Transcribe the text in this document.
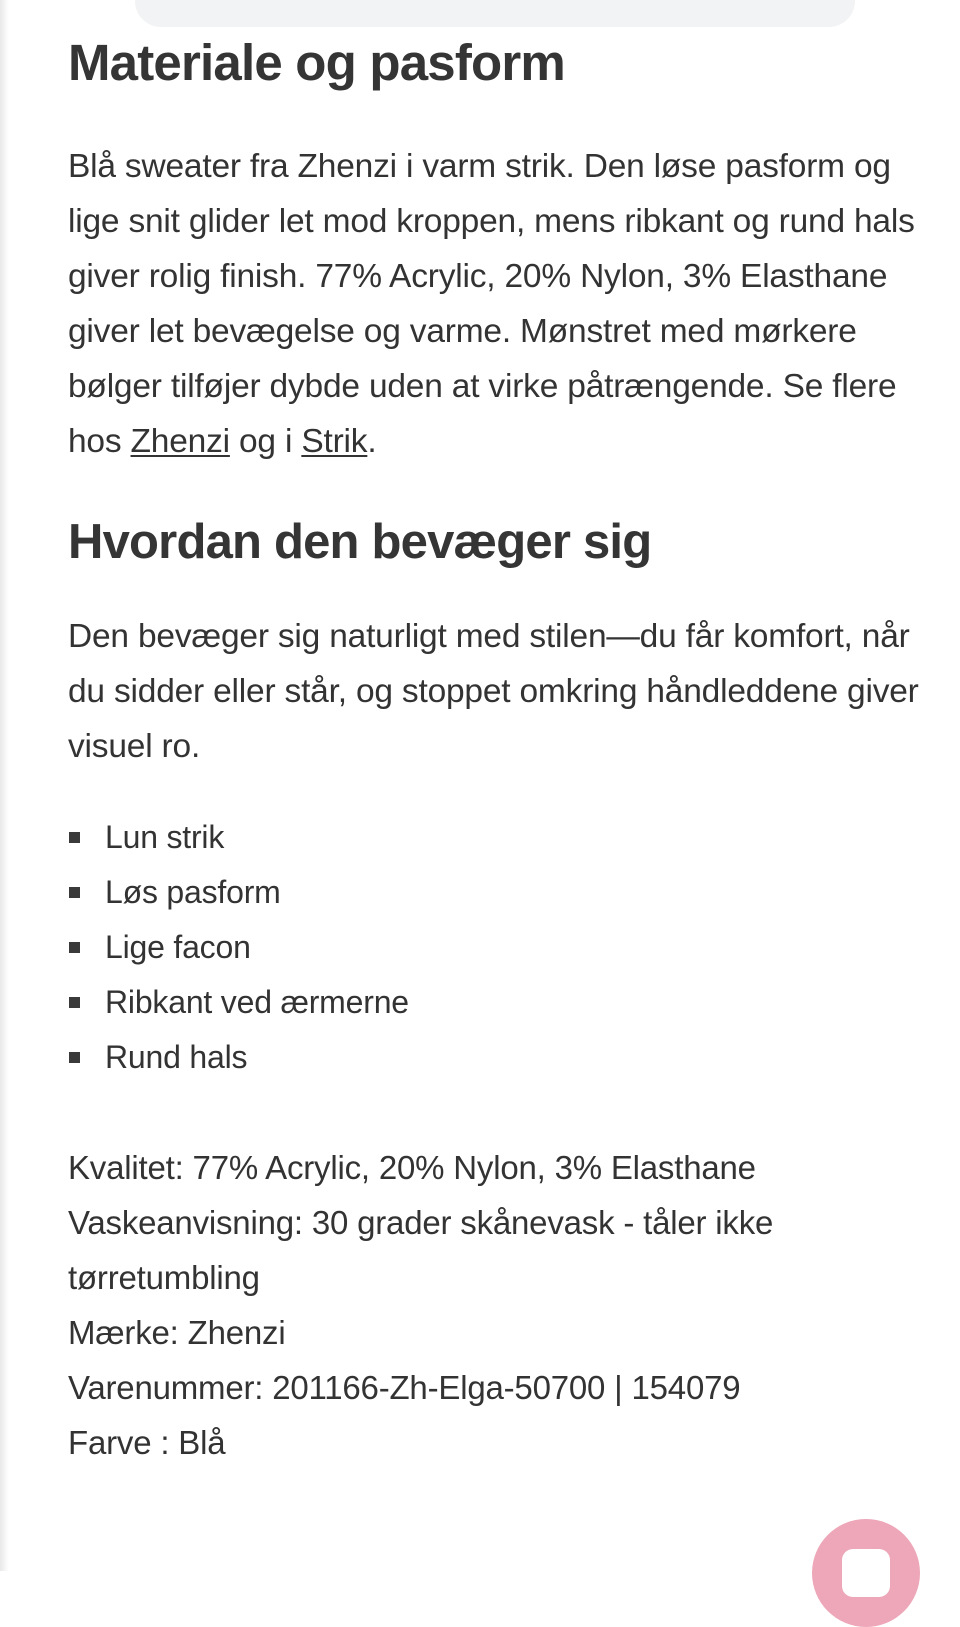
Materiale og pasform

Blå sweater fra Zhenzi i varm strik. Den løse pasform og lige snit glider let mod kroppen, mens ribkant og rund hals giver rolig finish. 77% Acrylic, 20% Nylon, 3% Elasthane giver let bevægelse og varme. Mønstret med mørkere bølger tilføjer dybde uden at virke påtrængende. Se flere hos Zhenzi og i Strik.

Hvordan den bevæger sig

Den bevæger sig naturligt med stilen—du får komfort, når du sidder eller står, og stoppet omkring håndleddene giver visuel ro.

Lun strik
Løs pasform
Lige facon
Ribkant ved ærmerne
Rund hals
Kvalitet: 77% Acrylic, 20% Nylon, 3% Elasthane
Vaskeanvisning: 30 grader skånevask - tåler ikke tørretumbling
Mærke: Zhenzi
Varenummer: 201166-Zh-Elga-50700 | 154079
Farve : Blå
